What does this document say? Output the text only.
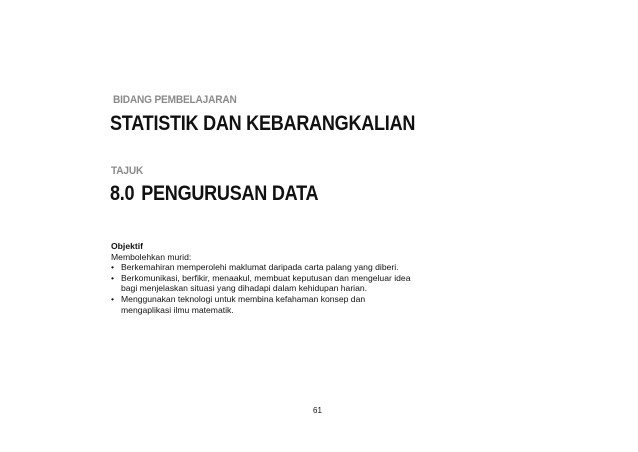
BIDANG PEMBELAJARAN
STATISTIK DAN KEBARANGKALIAN
TAJUK
8.0 PENGURUSAN DATA
Objektif
Membolehkan murid:
• Berkemahiran memperolehi maklumat daripada carta palang yang diberi.
• Berkomunikasi, berfikir, menaakul, membuat keputusan dan mengeluar idea
bagi menjelaskan situasi yang dihadapi dalam kehidupan harian.
• Menggunakan teknologi untuk membina kefahaman konsep dan
mengaplikasi ilmu matematik.
61
